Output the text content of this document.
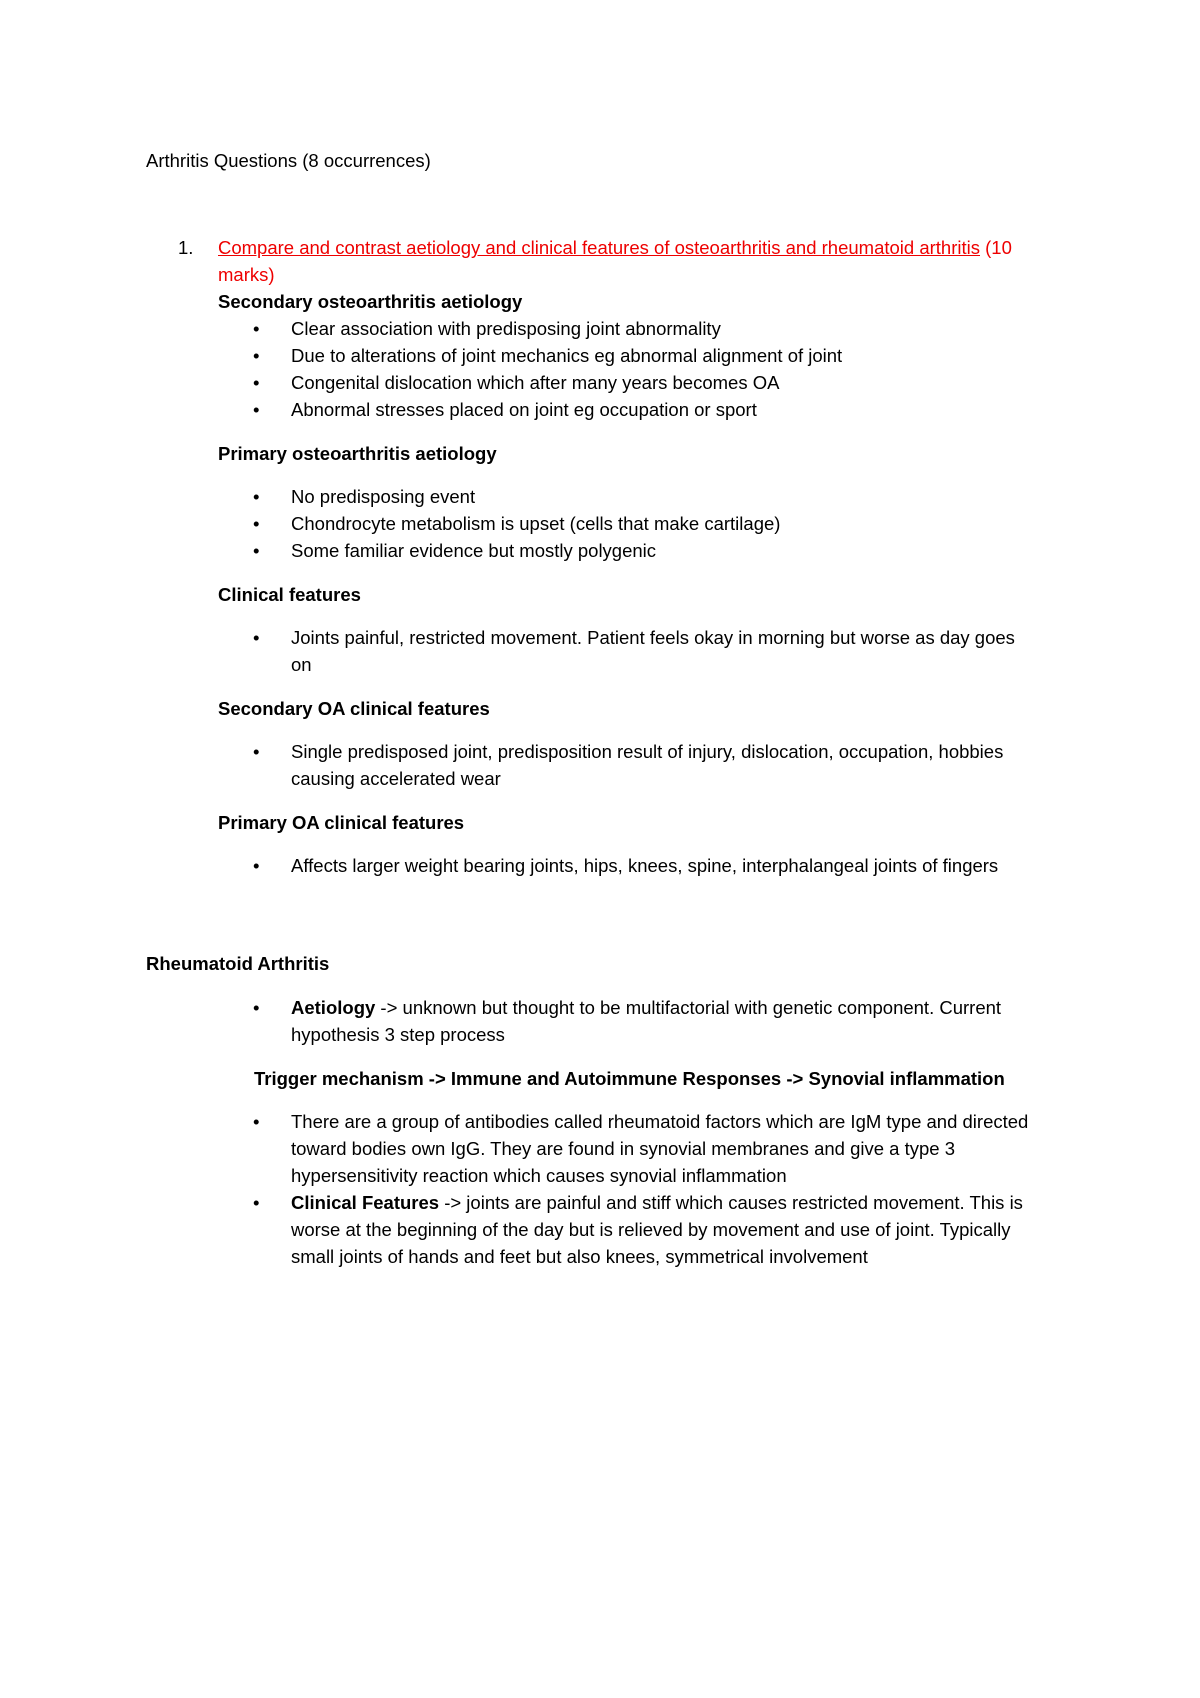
Arthritis Questions (8 occurrences)
1. Compare and contrast aetiology and clinical features of osteoarthritis and rheumatoid arthritis (10 marks)

Secondary osteoarthritis aetiology

• Clear association with predisposing joint abnormality
• Due to alterations of joint mechanics eg abnormal alignment of joint
• Congenital dislocation which after many years becomes OA
• Abnormal stresses placed on joint eg occupation or sport

Primary osteoarthritis aetiology

• No predisposing event
• Chondrocyte metabolism is upset (cells that make cartilage)
• Some familiar evidence but mostly polygenic

Clinical features

• Joints painful, restricted movement. Patient feels okay in morning but worse as day goes on

Secondary OA clinical features

• Single predisposed joint, predisposition result of injury, dislocation, occupation, hobbies causing accelerated wear

Primary OA clinical features

• Affects larger weight bearing joints, hips, knees, spine, interphalangeal joints of fingers

Rheumatoid Arthritis

• Aetiology -> unknown but thought to be multifactorial with genetic component. Current hypothesis 3 step process

Trigger mechanism -> Immune and Autoimmune Responses -> Synovial inflammation

• There are a group of antibodies called rheumatoid factors which are IgM type and directed toward bodies own IgG. They are found in synovial membranes and give a type 3 hypersensitivity reaction which causes synovial inflammation
• Clinical Features -> joints are painful and stiff which causes restricted movement. This is worse at the beginning of the day but is relieved by movement and use of joint. Typically small joints of hands and feet but also knees, symmetrical involvement
